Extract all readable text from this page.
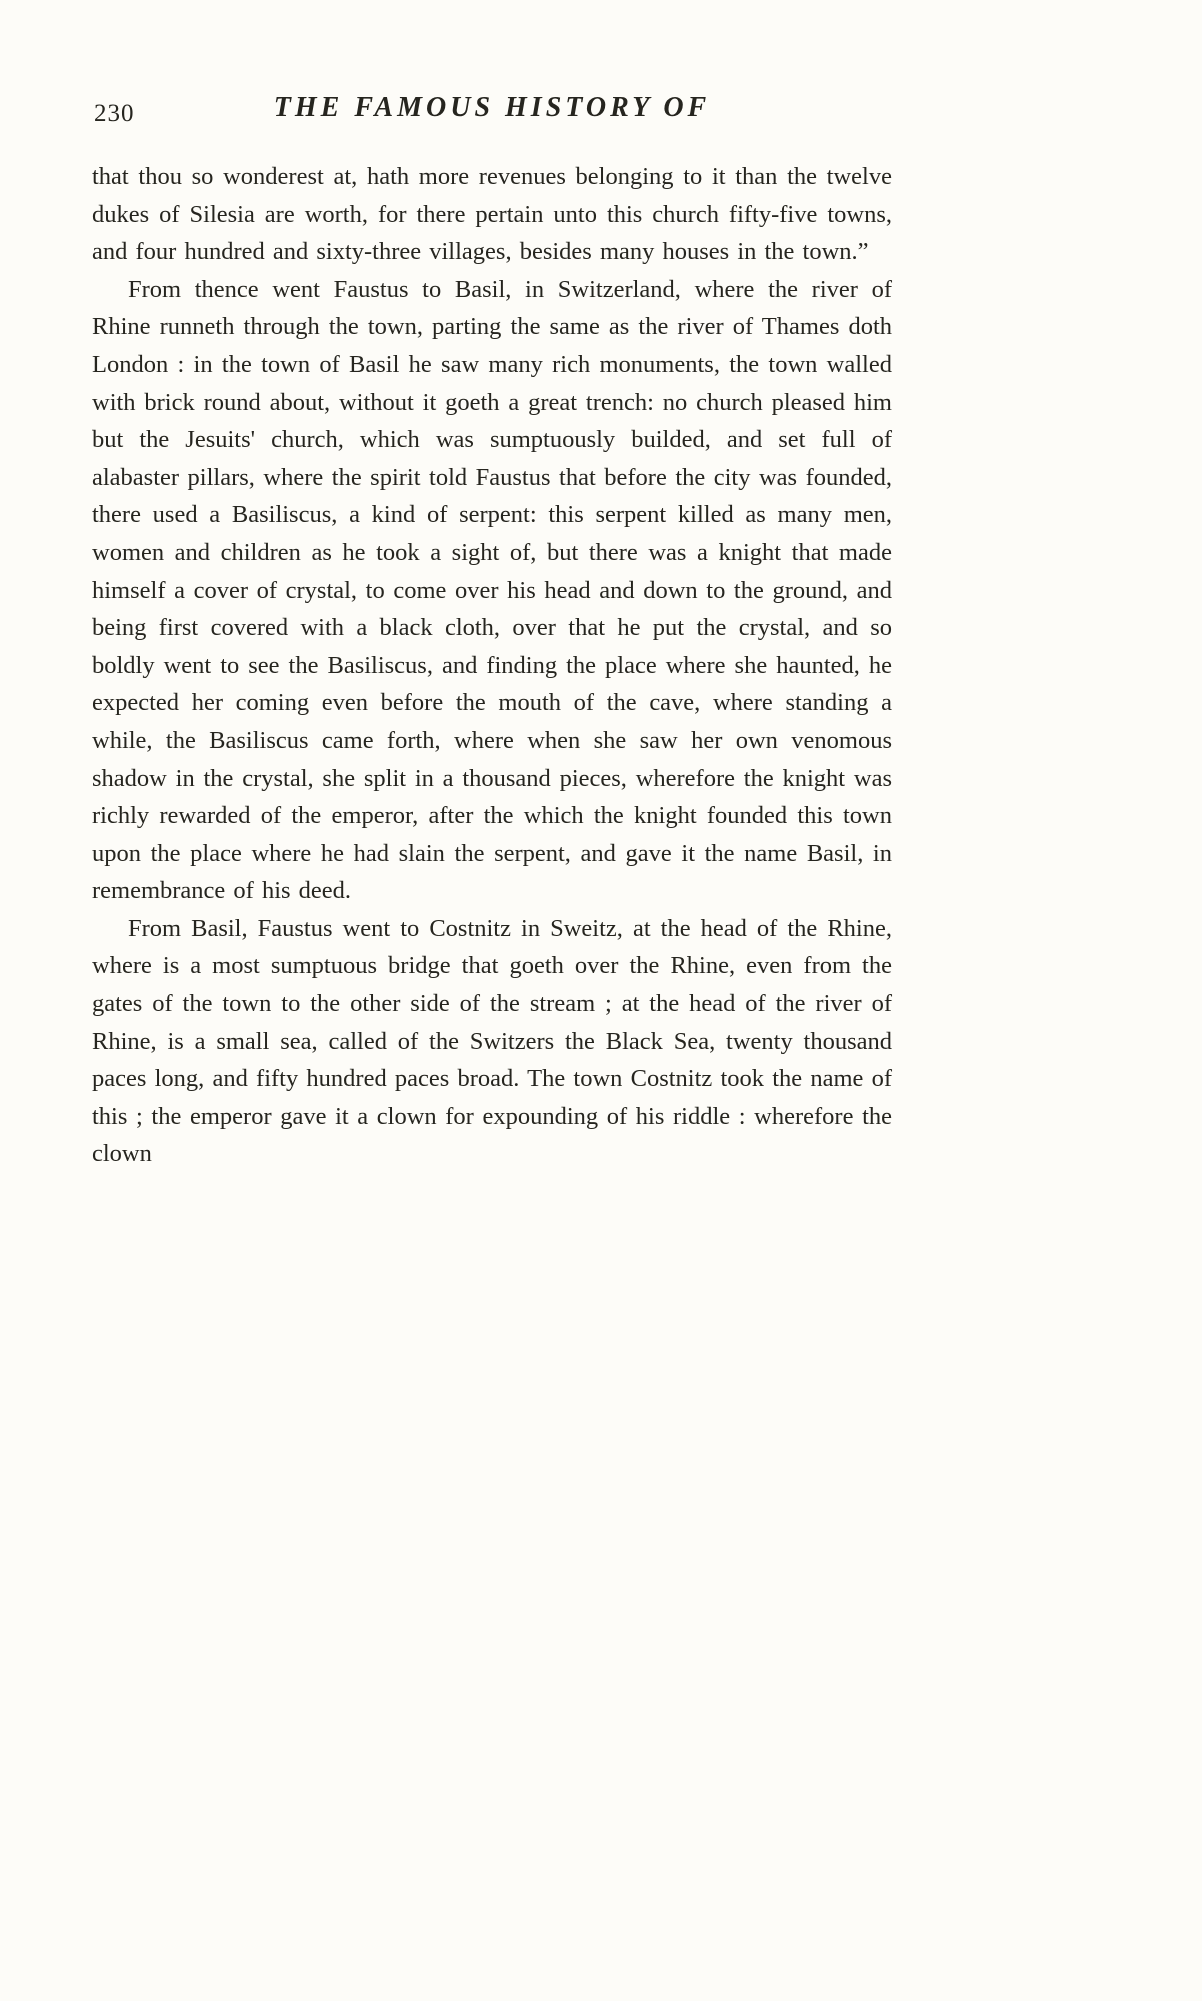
230	THE FAMOUS HISTORY OF

that thou so wonderest at, hath more revenues belonging to it than the twelve dukes of Silesia are worth, for there pertain unto this church fifty-five towns, and four hundred and sixty-three villages, besides many houses in the town.”

From thence went Faustus to Basil, in Switzerland, where the river of Rhine runneth through the town, parting the same as the river of Thames doth London : in the town of Basil he saw many rich monuments, the town walled with brick round about, without it goeth a great trench: no church pleased him but the Jesuits' church, which was sumptuously builded, and set full of alabaster pillars, where the spirit told Faustus that before the city was founded, there used a Basiliscus, a kind of serpent: this serpent killed as many men, women and children as he took a sight of, but there was a knight that made himself a cover of crystal, to come over his head and down to the ground, and being first covered with a black cloth, over that he put the crystal, and so boldly went to see the Basiliscus, and finding the place where she haunted, he expected her coming even before the mouth of the cave, where standing a while, the Basiliscus came forth, where when she saw her own venomous shadow in the crystal, she split in a thousand pieces, wherefore the knight was richly rewarded of the emperor, after the which the knight founded this town upon the place where he had slain the serpent, and gave it the name Basil, in remembrance of his deed.

From Basil, Faustus went to Costnitz in Sweitz, at the head of the Rhine, where is a most sumptuous bridge that goeth over the Rhine, even from the gates of the town to the other side of the stream ; at the head of the river of Rhine, is a small sea, called of the Switzers the Black Sea, twenty thousand paces long, and fifty hundred paces broad. The town Costnitz took the name of this ; the emperor gave it a clown for expounding of his riddle : wherefore the clown
